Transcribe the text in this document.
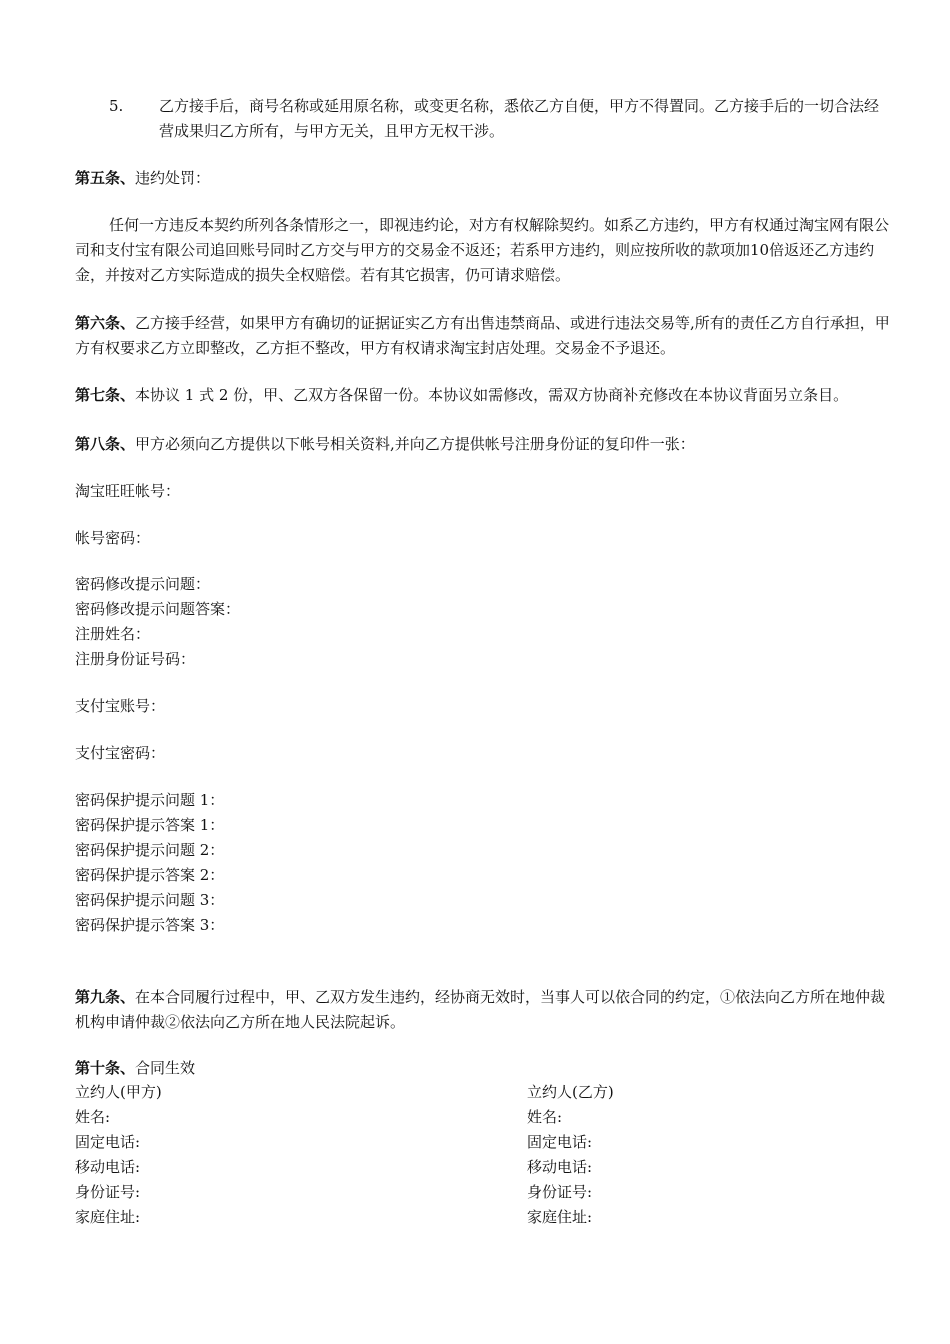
5. 乙方接手后，商号名称或延用原名称，或变更名称，悉依乙方自便，甲方不得置同。乙方接手后的一切合法经营成果归乙方所有，与甲方无关，且甲方无权干涉。
第五条、违约处罚：
任何一方违反本契约所列各条情形之一，即视违约论，对方有权解除契约。如系乙方违约，甲方有权通过淘宝网有限公司和支付宝有限公司追回账号同时乙方交与甲方的交易金不返还；若系甲方违约，则应按所收的款项加10倍返还乙方违约金，并按对乙方实际造成的损失全权赔偿。若有其它损害，仍可请求赔偿。
第六条、乙方接手经营，如果甲方有确切的证据证实乙方有出售违禁商品、或进行违法交易等,所有的责任乙方自行承担，甲方有权要求乙方立即整改，乙方拒不整改，甲方有权请求淘宝封店处理。交易金不予退还。
第七条、本协议 1 式 2 份，甲、乙双方各保留一份。本协议如需修改，需双方协商补充修改在本协议背面另立条目。
第八条、甲方必须向乙方提供以下帐号相关资料,并向乙方提供帐号注册身份证的复印件一张：
淘宝旺旺帐号：
帐号密码：
密码修改提示问题：
密码修改提示问题答案：
注册姓名：
注册身份证号码：
支付宝账号：
支付宝密码：
密码保护提示问题 1：
密码保护提示答案 1：
密码保护提示问题 2：
密码保护提示答案 2：
密码保护提示问题 3：
密码保护提示答案 3：
第九条、在本合同履行过程中，甲、乙双方发生违约，经协商无效时，当事人可以依合同的约定，①依法向乙方所在地仲裁机构申请仲裁②依法向乙方所在地人民法院起诉。
第十条、合同生效
立约人(甲方)
姓名:
固定电话:
移动电话:
身份证号:
家庭住址:
立约人(乙方)
姓名:
固定电话:
移动电话:
身份证号:
家庭住址:
